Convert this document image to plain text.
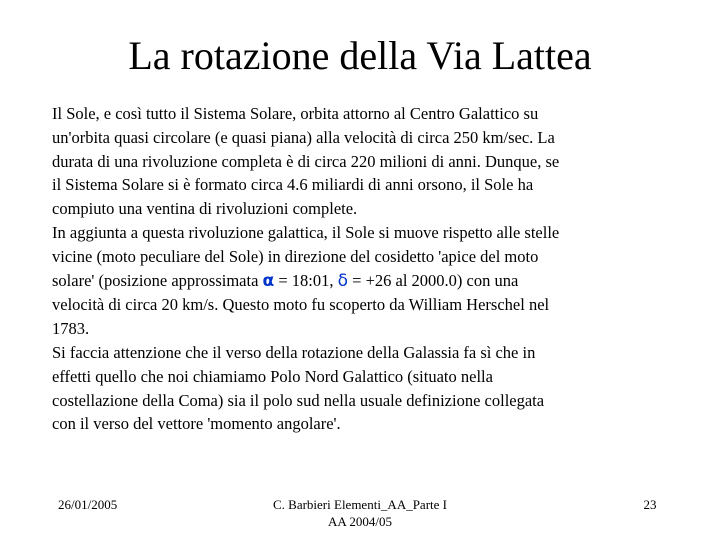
La rotazione della Via Lattea

Il Sole, e così tutto il Sistema Solare, orbita attorno al Centro Galattico su

un'orbita quasi circolare (e quasi piana) alla velocità di circa 250 km/sec. La

durata di una rivoluzione completa è di circa 220 milioni di anni. Dunque, se

il Sistema Solare si è formato circa 4.6 miliardi di anni orsono, il Sole ha

compiuto una ventina di rivoluzioni complete.

In aggiunta a questa rivoluzione galattica, il Sole si muove rispetto alle stelle

vicine (moto peculiare del Sole) in direzione del cosidetto 'apice del moto

solare' (posizione approssimata α = 18:01, δ = +26 al 2000.0) con una

velocità di circa 20 km/s. Questo moto fu scoperto da William Herschel nel

1783.

Si faccia attenzione che il verso della rotazione della Galassia fa sì che in

effetti quello che noi chiamiamo Polo Nord Galattico (situato nella

costellazione della Coma) sia il polo sud nella usuale definizione collegata

con il verso del vettore 'momento angolare'.

26/01/2005	C. Barbieri Elementi_AA_Parte I
AA 2004/05
23
